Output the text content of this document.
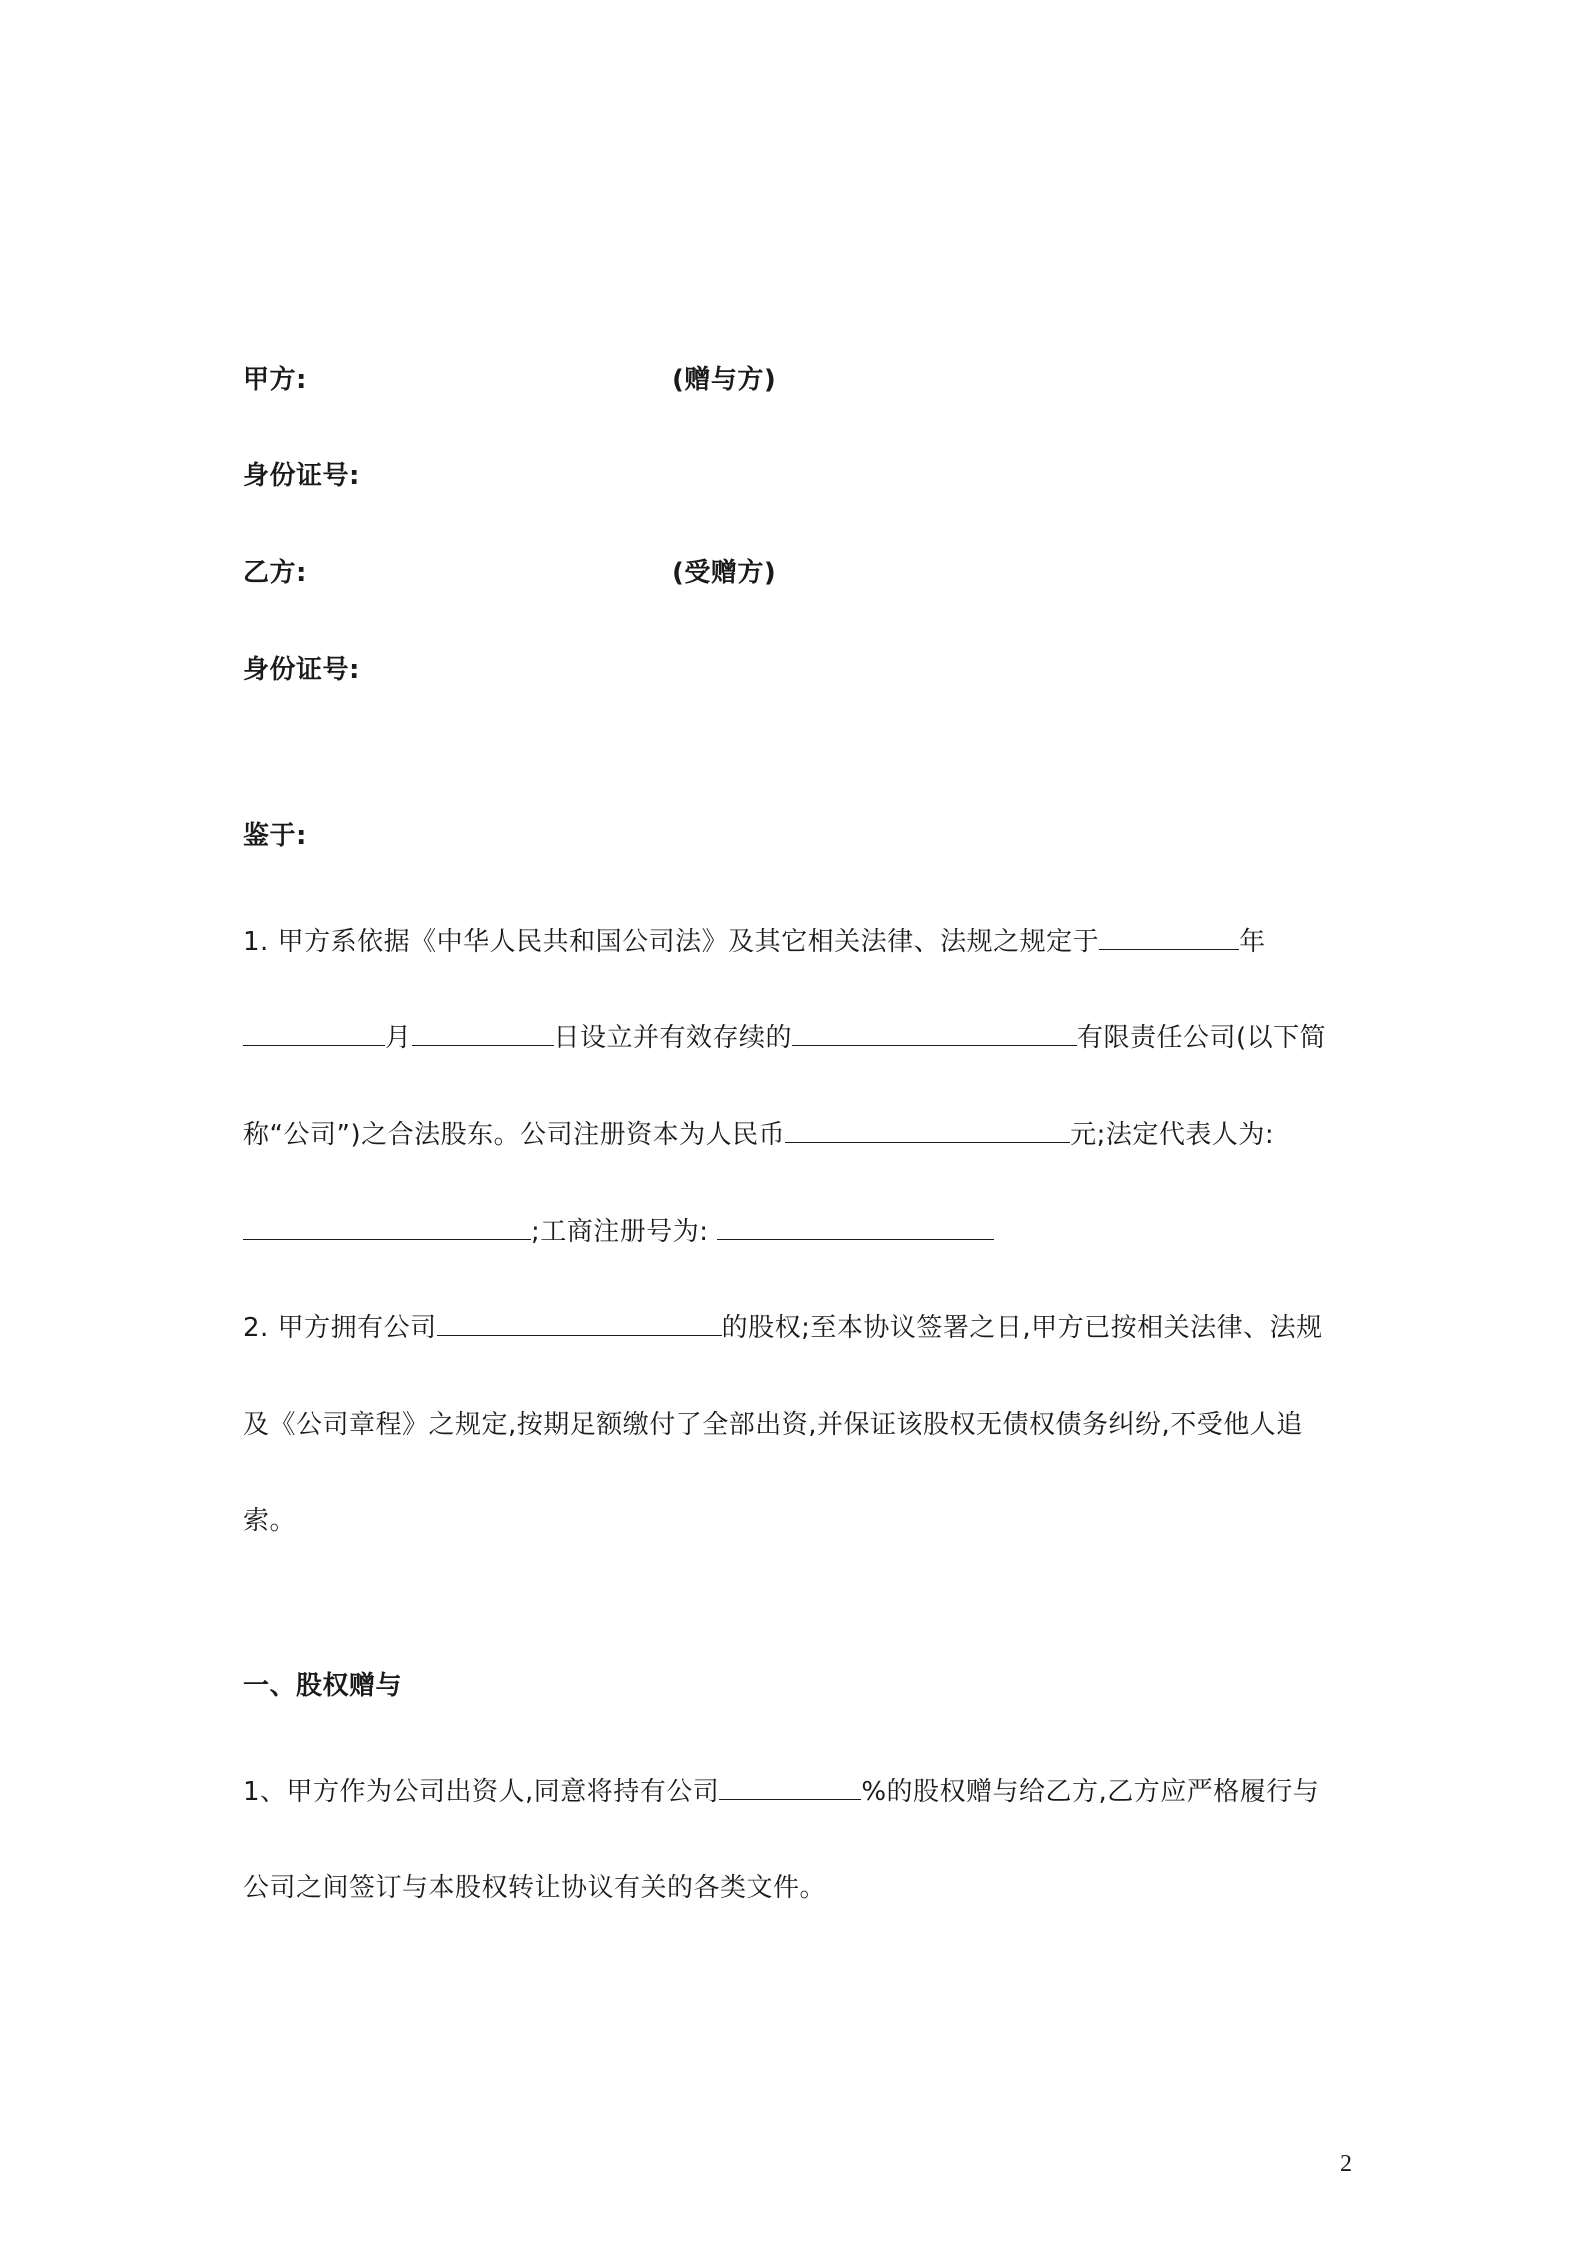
甲方:	(赠与方)
身份证号:
乙方:	(受赠方)
身份证号:
鉴于:
1. 甲方系依据《中华人民共和国公司法》及其它相关法律、法规之规定于	年
月	日设立并有效存续的	有限责任公司(以下简
称“公司”)之合法股东。公司注册资本为人民币	元;法定代表人为:
;工商注册号为:
2. 甲方拥有公司	的股权;至本协议签署之日,甲方已按相关法律、法规
及《公司章程》之规定,按期足额缴付了全部出资,并保证该股权无债权债务纠纷,不受他人追
索。
一、股权赠与
1、甲方作为公司出资人,同意将持有公司	%的股权赠与给乙方,乙方应严格履行与
公司之间签订与本股权转让协议有关的各类文件。
2
